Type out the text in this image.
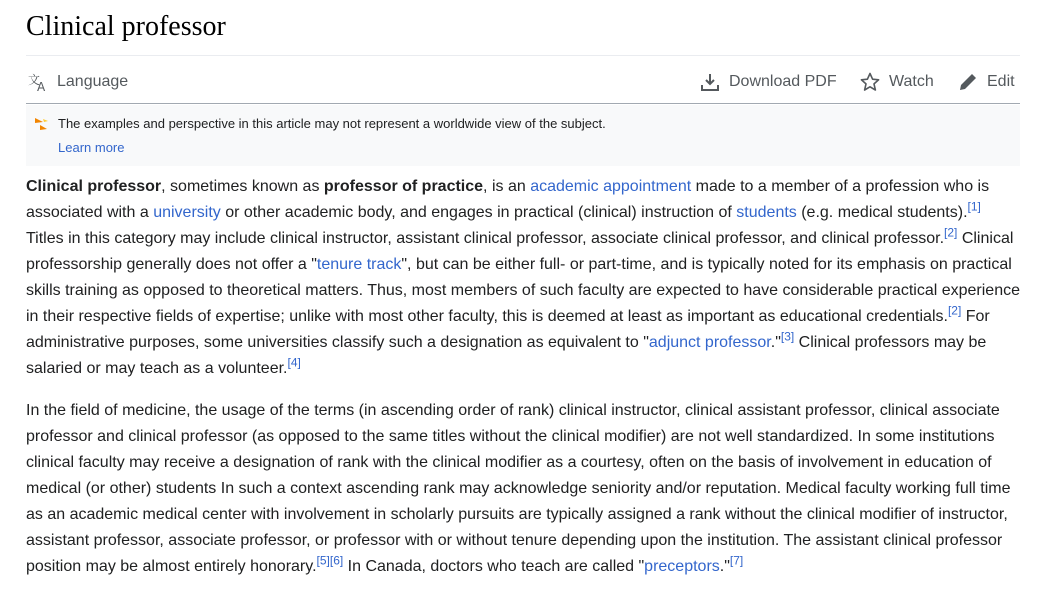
Clinical professor
文
A Language	Download PDF	Watch	Edit
The examples and perspective in this article may not represent a worldwide view of the subject.
Learn more

Clinical professor, sometimes known as professor of practice, is an academic appointment made to a member of a profession who is associated with a university or other academic body, and engages in practical (clinical) instruction of students (e.g. medical students).[1] Titles in this category may include clinical instructor, assistant clinical professor, associate clinical professor, and clinical professor.[2] Clinical professorship generally does not offer a "tenure track", but can be either full- or part-time, and is typically noted for its emphasis on practical skills training as opposed to theoretical matters. Thus, most members of such faculty are expected to have considerable practical experience in their respective fields of expertise; unlike with most other faculty, this is deemed at least as important as educational credentials.[2] For administrative purposes, some universities classify such a designation as equivalent to "adjunct professor."[3] Clinical professors may be salaried or may teach as a volunteer.[4]

In the field of medicine, the usage of the terms (in ascending order of rank) clinical instructor, clinical assistant professor, clinical associate professor and clinical professor (as opposed to the same titles without the clinical modifier) are not well standardized. In some institutions clinical faculty may receive a designation of rank with the clinical modifier as a courtesy, often on the basis of involvement in education of medical (or other) students In such a context ascending rank may acknowledge seniority and/or reputation. Medical faculty working full time as an academic medical center with involvement in scholarly pursuits are typically assigned a rank without the clinical modifier of instructor, assistant professor, associate professor, or professor with or without tenure depending upon the institution. The assistant clinical professor position may be almost entirely honorary.[5][6] In Canada, doctors who teach are called "preceptors."[7]
